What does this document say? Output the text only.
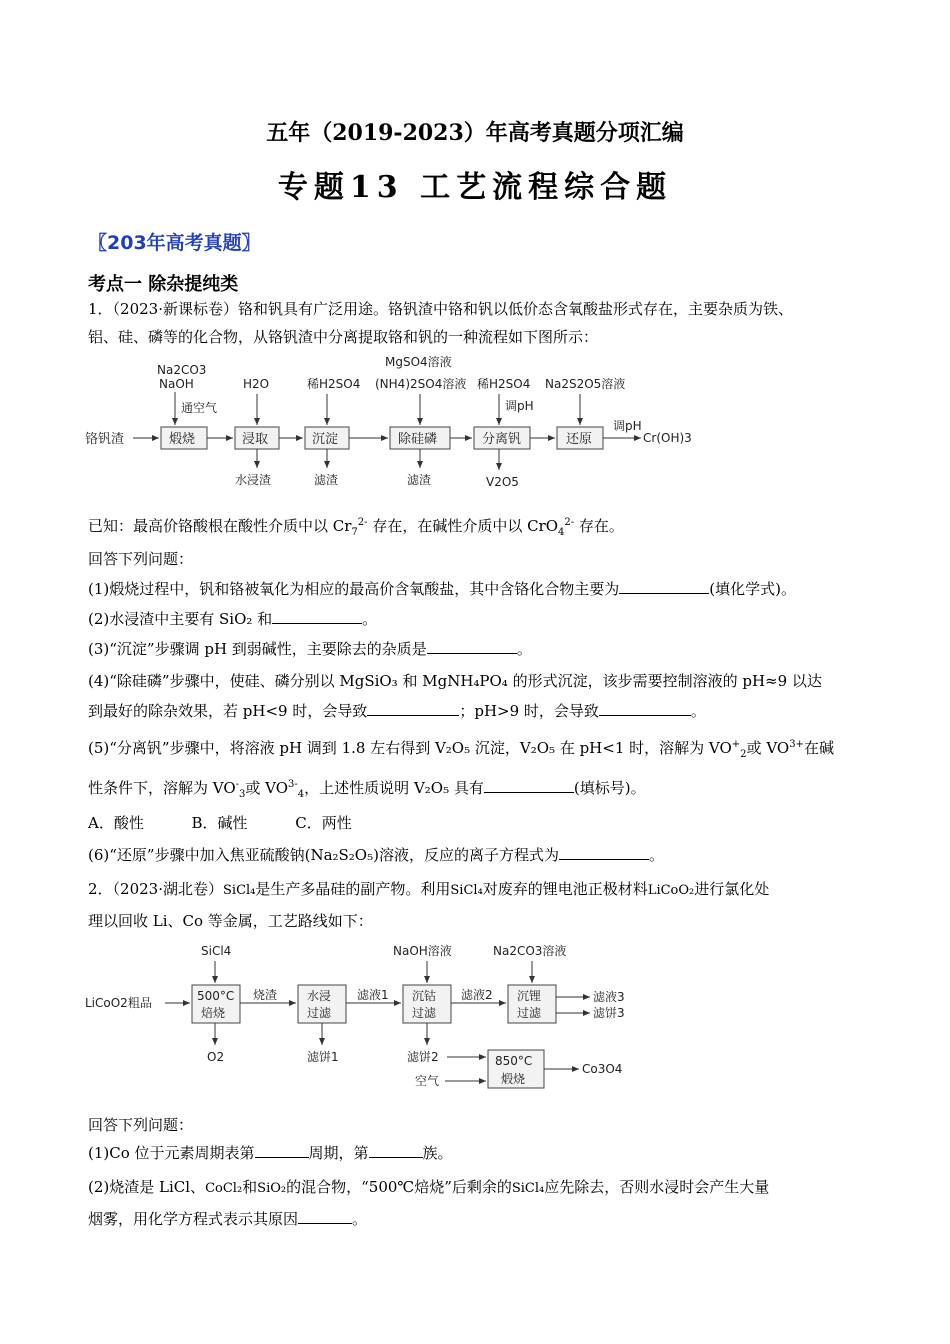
五年（2019-2023）年高考真题分项汇编
专题13 工艺流程综合题
〖203年高考真题〗
考点一 除杂提纯类
1．（2023·新课标卷）铬和钒具有广泛用途。铬钒渣中铬和钒以低价态含氧酸盐形式存在，主要杂质为铁、
铝、硅、磷等的化合物，从铬钒渣中分离提取铬和钒的一种流程如下图所示：
铬钒渣	煅烧	浸取	沉淀	除硅磷	分离钒	还原	Cr(OH)3
调pH
Na2CO3
NaOH
通空气
H2O	稀H2SO4
MgSO4溶液
(NH4)2SO4溶液 稀H2SO4
调pH
Na2S2O5溶液
水浸渣	滤渣	滤渣	V2O5
已知：最高价铬酸根在酸性介质中以 $Cr_7^{2-}$ 存在，在碱性介质中以 CrO$_4^{2-}$ 存在。
回答下列问题：
(1)煅烧过程中，钒和铬被氧化为相应的最高价含氧酸盐，其中含铬化合物主要为	(填化学式)。
(2)水浸渣中主要有 SiO₂ 和	。
(3)“沉淀”步骤调 pH 到弱碱性，主要除去的杂质是	。
(4)“除硅磷”步骤中，使硅、磷分别以 MgSiO₃ 和 MgNH₄PO₄ 的形式沉淀，该步需要控制溶液的 pH≈9 以达
到最好的除杂效果，若 pH<9 时，会导致	；pH>9 时，会导致	。
(5)“分离钒”步骤中，将溶液 pH 调到 1.8 左右得到 V₂O₅ 沉淀，V₂O₅ 在 pH<1 时，溶解为 $VO^+_2$或 $VO^{3+}$在碱
性条件下，溶解为 $VO^-_3$或 $VO^{3-}_4$，上述性质说明 V₂O₅ 具有	(填标号)。
A．酸性          B．碱性          C．两性
(6)“还原”步骤中加入焦亚硫酸钠(Na₂S₂O₅)溶液，反应的离子方程式为	。
2．（2023·湖北卷）SiCl₄是生产多晶硅的副产物。利用SiCl₄对废弃的锂电池正极材料LiCoO₂进行氯化处
理以回收 Li、Co 等金属，工艺路线如下：
LiCoO2粗品
SiCl4
500°C
焙烧
烧渣
O2
水浸
过滤
滤液1
滤饼1
NaOH溶液
沉钴
过滤
滤液2
滤饼2
空气
850°C
煅烧
Co3O4
Na2CO3溶液
沉锂
过滤
滤液3
滤饼3
回答下列问题：
(1)Co 位于元素周期表第	周期，第	族。
(2)烧渣是 LiCl、CoCl₂和SiO₂的混合物，“500℃焙烧”后剩余的SiCl₄应先除去，否则水浸时会产生大量
烟雾，用化学方程式表示其原因	。
